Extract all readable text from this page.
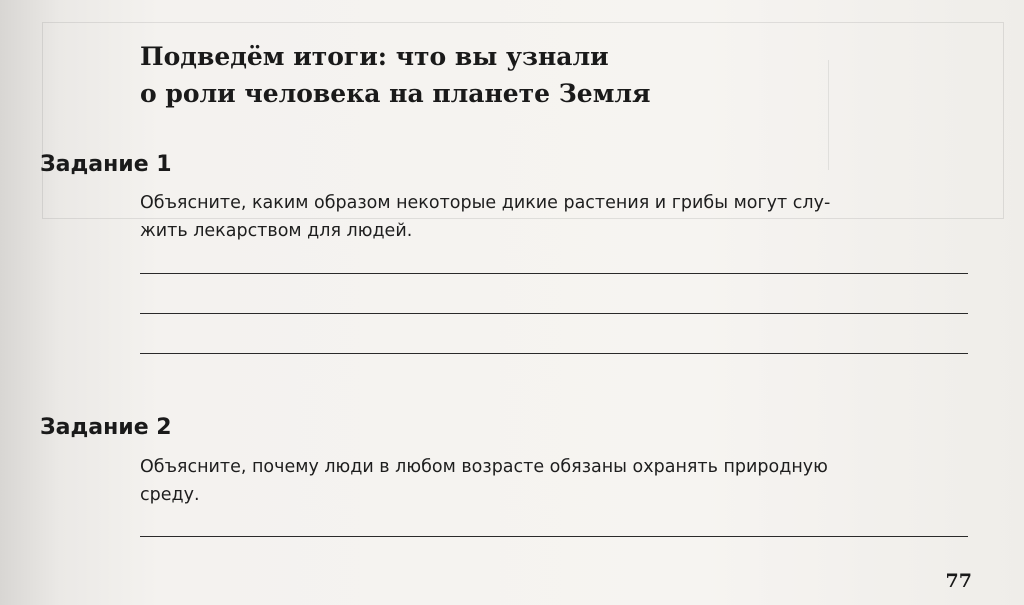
Подведём итоги: что вы узнали
о роли человека на планете Земля
Задание 1

Объясните, каким образом некоторые дикие растения и грибы могут слу-
жить лекарством для людей.

Задание 2

Объясните, почему люди в любом возрасте обязаны охранять природную
среду.

77
